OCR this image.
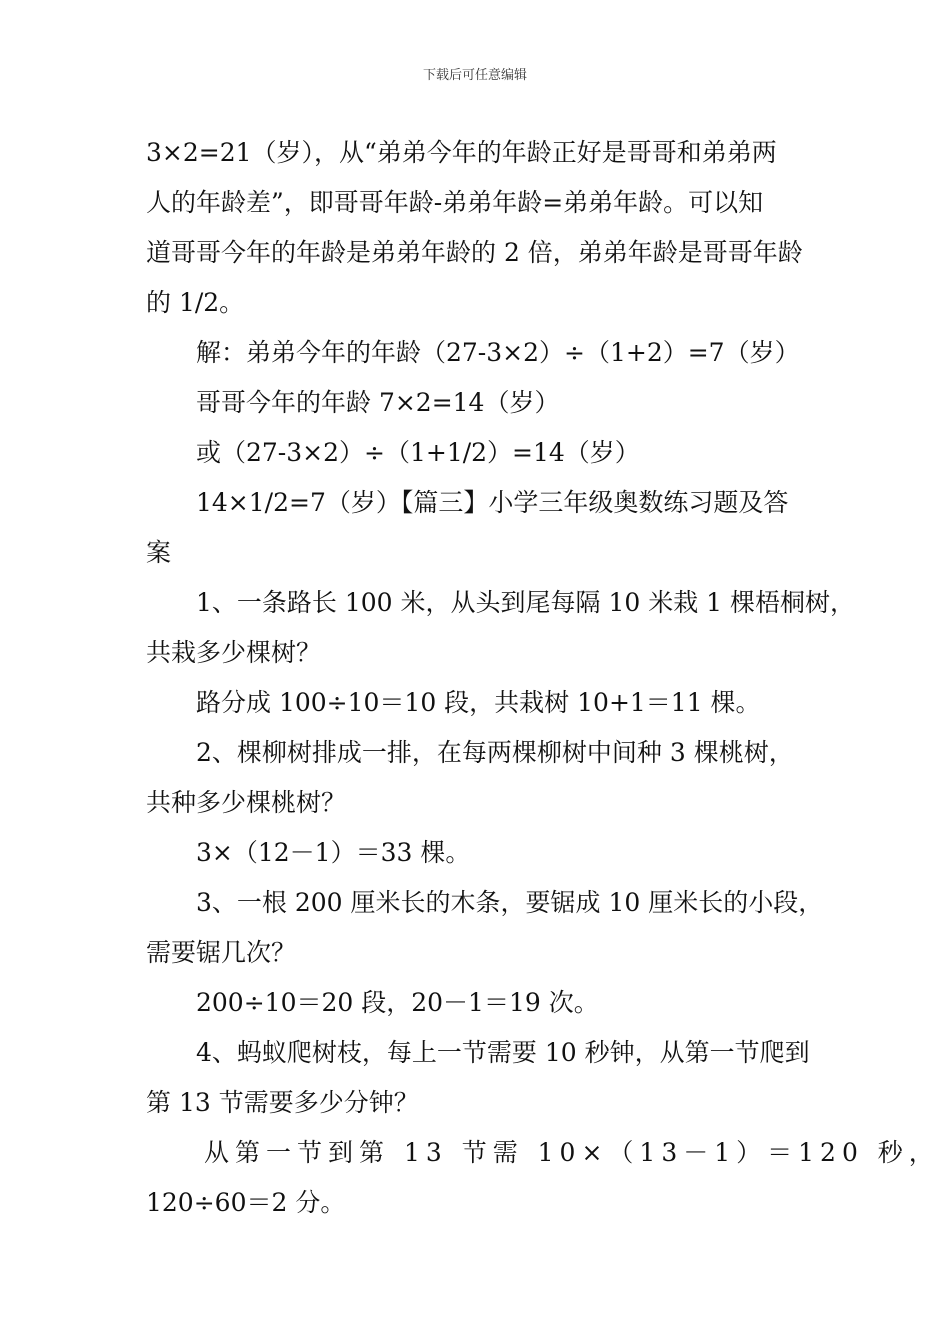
下载后可任意编辑
3×2=21（岁），从“弟弟今年的年龄正好是哥哥和弟弟两
人的年龄差”，即哥哥年龄-弟弟年龄=弟弟年龄。可以知
道哥哥今年的年龄是弟弟年龄的 2 倍，弟弟年龄是哥哥年龄
的 1/2。
解：弟弟今年的年龄（27-3×2）÷（1+2）=7（岁）
哥哥今年的年龄 7×2=14（岁）
或（27-3×2）÷（1+1/2）=14（岁）
14×1/2=7（岁）【篇三】小学三年级奥数练习题及答
案
1、一条路长 100 米，从头到尾每隔 10 米栽 1 棵梧桐树，
共栽多少棵树？
路分成 100÷10＝10 段，共栽树 10+1＝11 棵。
2、棵柳树排成一排，在每两棵柳树中间种 3 棵桃树，
共种多少棵桃树？
3×（12－1）＝33 棵。
3、一根 200 厘米长的木条，要锯成 10 厘米长的小段，
需要锯几次？
200÷10＝20 段，20－1＝19 次。
4、蚂蚁爬树枝，每上一节需要 10 秒钟，从第一节爬到
第 13 节需要多少分钟？
从第一节到第 13 节需 10×（13－1）＝120 秒，
120÷60＝2 分。
